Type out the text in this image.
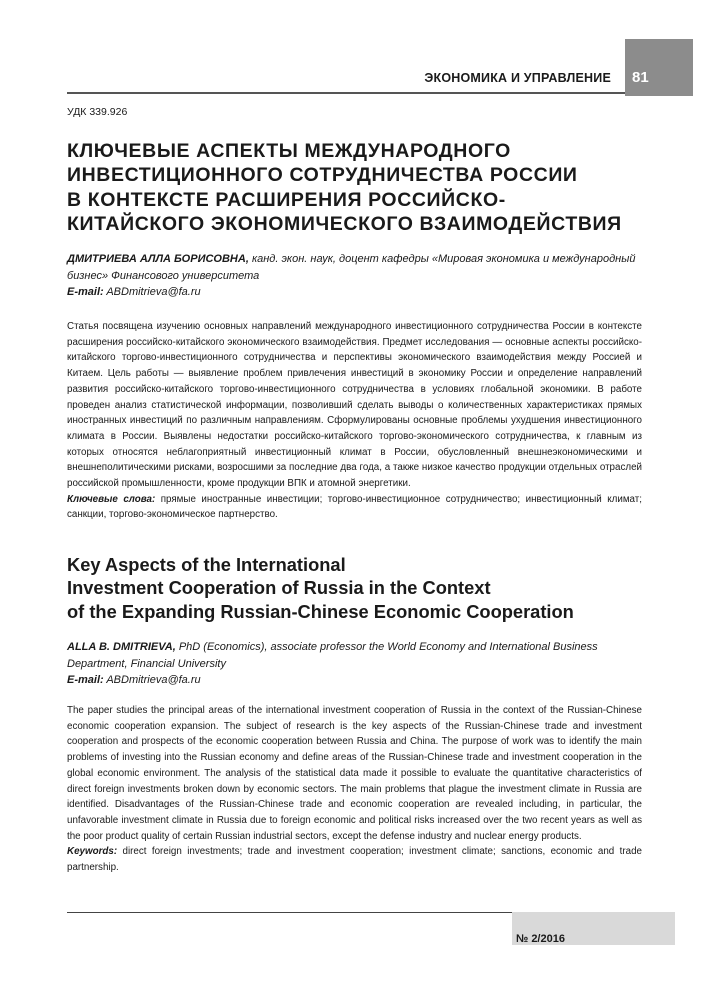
81
ЭКОНОМИКА И УПРАВЛЕНИЕ
УДК 339.926
КЛЮЧЕВЫЕ АСПЕКТЫ МЕЖДУНАРОДНОГО
ИНВЕСТИЦИОННОГО СОТРУДНИЧЕСТВА РОССИИ
В КОНТЕКСТЕ РАСШИРЕНИЯ РОССИЙСКО-
КИТАЙСКОГО ЭКОНОМИЧЕСКОГО ВЗАИМОДЕЙСТВИЯ
ДМИТРИЕВА АЛЛА БОРИСОВНА, канд. экон. наук, доцент кафедры «Мировая экономика и международный бизнес» Финансового университета
E-mail: ABDmitrieva@fa.ru
Статья посвящена изучению основных направлений международного инвестиционного сотрудничества России в контексте расширения российско-китайского экономического взаимодействия. Предмет исследования — основные аспекты российско-китайского торгово-инвестиционного сотрудничества и перспективы экономического взаимодействия между Россией и Китаем. Цель работы — выявление проблем привлечения инвестиций в экономику России и определение направлений развития российско-китайского торгово-инвестиционного сотрудничества в условиях глобальной экономики. В работе проведен анализ статистической информации, позволивший сделать выводы о количественных характеристиках прямых иностранных инвестиций по различным направлениям. Сформулированы основные проблемы ухудшения инвестиционного климата в России. Выявлены недостатки российско-китайского торгово-экономического сотрудничества, к главным из которых относятся неблагоприятный инвестиционный климат в России, обусловленный внешнеэкономическими и внешнеполитическими рисками, возросшими за последние два года, а также низкое качество продукции отдельных отраслей российской промышленности, кроме продукции ВПК и атомной энергетики.
Ключевые слова: прямые иностранные инвестиции; торгово-инвестиционное сотрудничество; инвестиционный климат; санкции, торгово-экономическое партнерство.
Key Aspects of the International
Investment Cooperation of Russia in the Context
of the Expanding Russian-Chinese Economic Cooperation
ALLA B. DMITRIEVA, PhD (Economics), associate professor the World Economy and International Business Department, Financial University
E-mail: ABDmitrieva@fa.ru
The paper studies the principal areas of the international investment cooperation of Russia in the context of the Russian-Chinese economic cooperation expansion. The subject of research is the key aspects of the Russian-Chinese trade and investment cooperation and prospects of the economic cooperation between Russia and China. The purpose of work was to identify the main problems of investing into the Russian economy and define areas of the Russian-Chinese trade and investment cooperation in the global economic environment. The analysis of the statistical data made it possible to evaluate the quantitative characteristics of direct foreign investments broken down by economic sectors. The main problems that plague the investment climate in Russia are identified. Disadvantages of the Russian-Chinese trade and economic cooperation are revealed including, in particular, the unfavorable investment climate in Russia due to foreign economic and political risks increased over the two recent years as well as the poor product quality of certain Russian industrial sectors, except the defense industry and nuclear energy products.
Keywords: direct foreign investments; trade and investment cooperation; investment climate; sanctions, economic and trade partnership.
№ 2/2016
